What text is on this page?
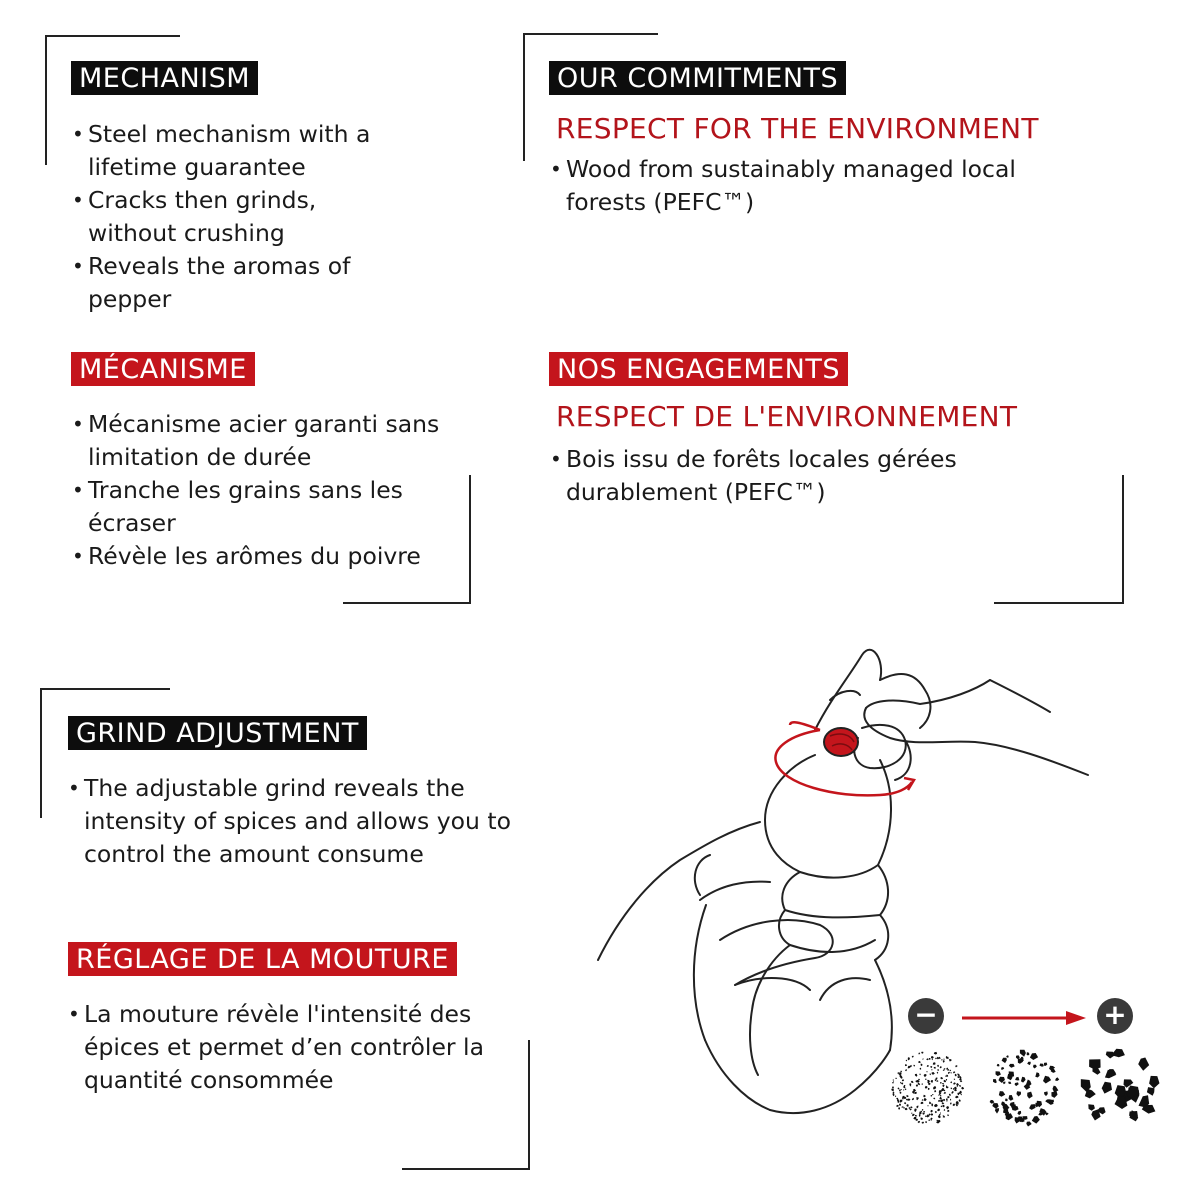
MECHANISM
• Steel mechanism with a lifetime guarantee
• Cracks then grinds, without crushing
• Reveals the aromas of pepper
MÉCANISME
• Mécanisme acier garanti sans limitation de durée
• Tranche les grains sans les écraser
• Révèle les arômes du poivre
OUR COMMITMENTS

RESPECT FOR THE ENVIRONMENT

• Wood from sustainably managed local forests (PEFC™)
NOS ENGAGEMENTS

RESPECT DE L'ENVIRONNEMENT

• Bois issu de forêts locales gérées durablement (PEFC™)
GRIND ADJUSTMENT
• The adjustable grind reveals the intensity of spices and allows you to control the amount consume
RÉGLAGE DE LA MOUTURE
• La mouture révèle l'intensité des épices et permet d’en contrôler la quantité consommée
−	+
